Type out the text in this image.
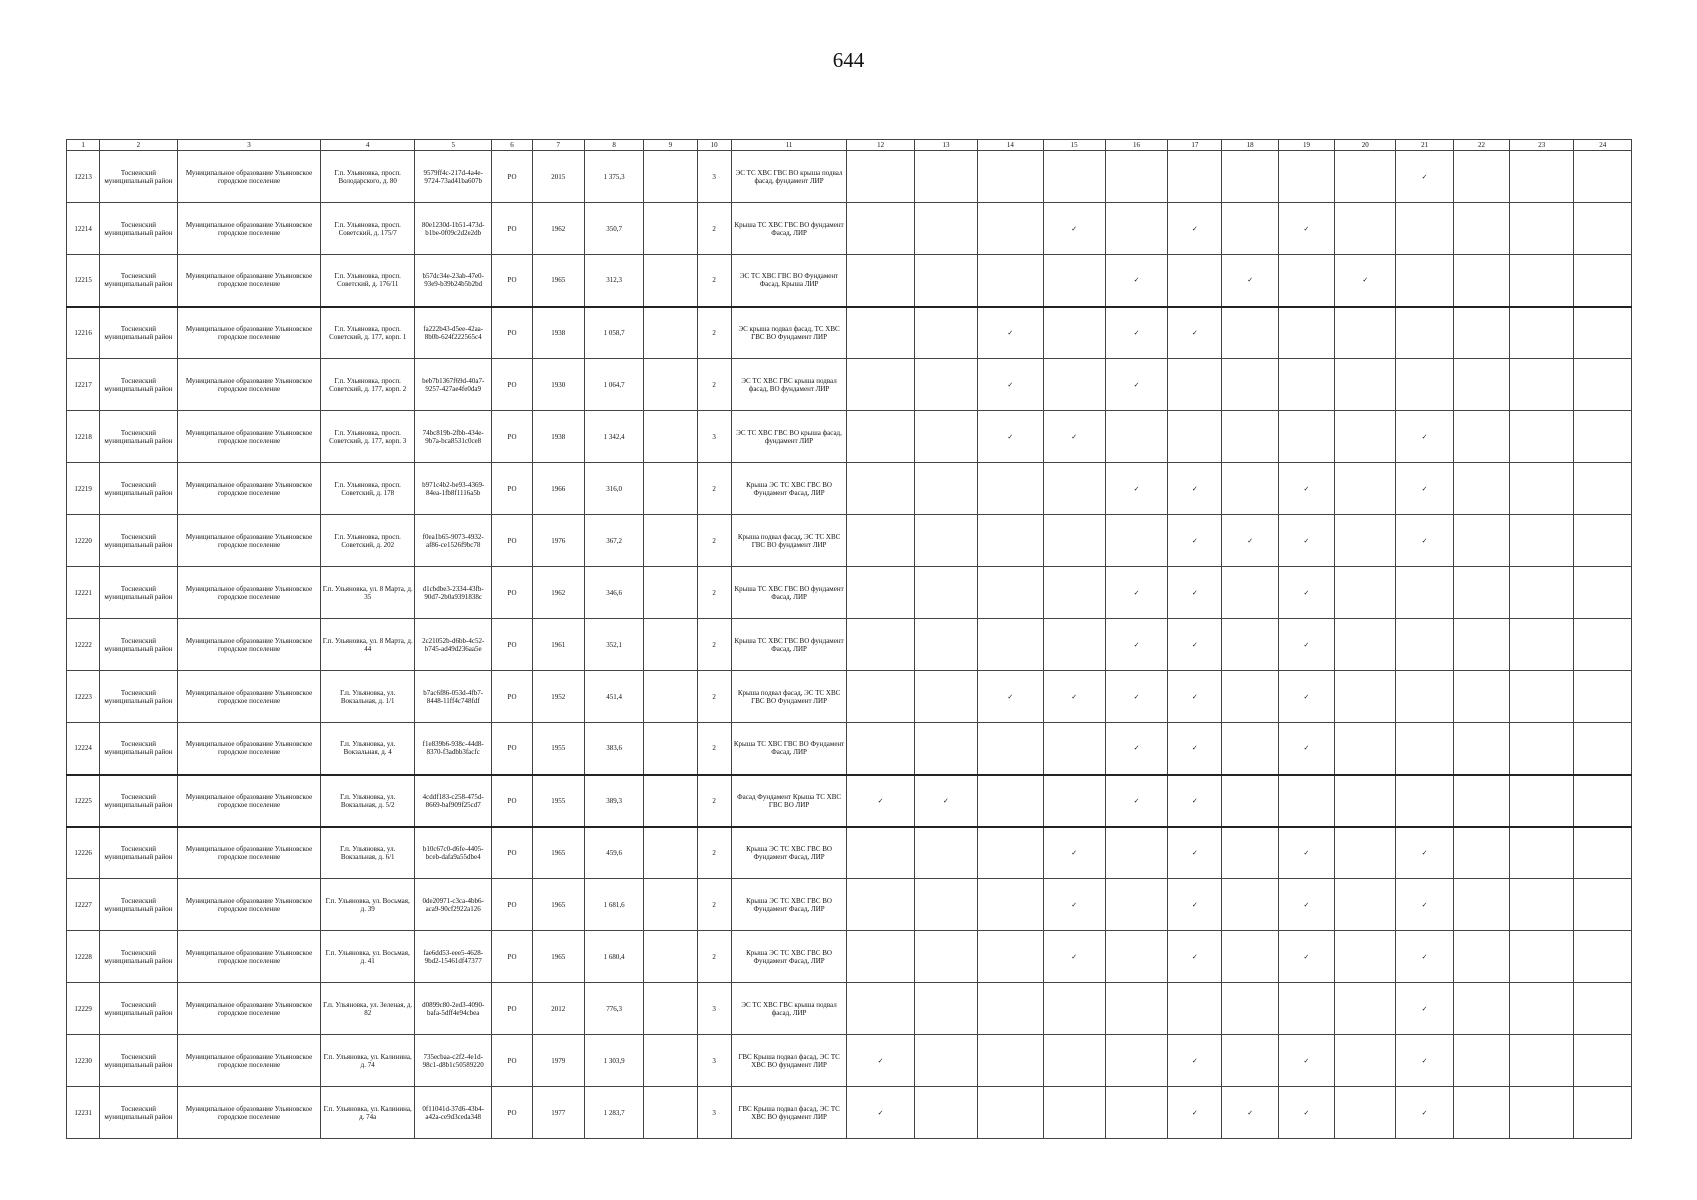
644
1	2	3	4	5	6	7	8	9	10	11	12	13	14	15	16	17	18	19	20	21	22	23	24
12213	Тосненский муниципальный район	Муниципальное образование Ульяновское городское поселение	Г.п. Ульяновка, просп. Володарского, д. 80	9579ff4c-217d-4a4e-9724-73ad41ba607b	РО	2015	1 375,3		3	ЭС ТС ХВС ГВС ВО крыша подвал фасад, фундамент ЛИР										✓			
12214	Тосненский муниципальный район	Муниципальное образование Ульяновское городское поселение	Г.п. Ульяновка, просп. Советский, д. 175/7	80e1230d-1b51-473d-b1be-0f09c2d2e2db	РО	1962	350,7		2	Крыша ТС ХВС ГВС ВО фундамент Фасад, ЛИР				✓		✓		✓					
12215	Тосненский муниципальный район	Муниципальное образование Ульяновское городское поселение	Г.п. Ульяновка, просп. Советский, д. 176/11	b57dc34e-23ab-47e0-93e9-b39b24b5b2bd	РО	1965	312,3		2	ЭС ТС ХВС ГВС ВО Фундамент Фасад, Крыша ЛИР					✓		✓		✓				
12216	Тосненский муниципальный район	Муниципальное образование Ульяновское городское поселение	Г.п. Ульяновка, просп. Советский, д. 177, корп. 1	fa222b43-d5ee-42aa-8b0b-624f222565c4	РО	1938	1 058,7		2	ЭС крыша подвал фасад, ТС ХВС ГВС ВО Фундамент ЛИР			✓		✓	✓							
12217	Тосненский муниципальный район	Муниципальное образование Ульяновское городское поселение	Г.п. Ульяновка, просп. Советский, д. 177, корп. 2	beb7b1367f69d-40a7-9257-427ae4fe0da9	РО	1930	1 064,7		2	ЭС ТС ХВС ГВС крыша подвал фасад, ВО фундамент ЛИР			✓		✓								
12218	Тосненский муниципальный район	Муниципальное образование Ульяновское городское поселение	Г.п. Ульяновка, просп. Советский, д. 177, корп. 3	74bc819b-2fbb-434e-9b7a-bca8531c0ce8	РО	1938	1 342,4		3	ЭС ТС ХВС ГВС ВО крыша фасад, фундамент ЛИР			✓	✓						✓			
12219	Тосненский муниципальный район	Муниципальное образование Ульяновское городское поселение	Г.п. Ульяновка, просп. Советский, д. 178	b971c4b2-be93-4369-84ea-1fb8f1116a5b	РО	1966	316,0		2	Крыша ЭС ТС ХВС ГВС ВО Фундамент Фасад, ЛИР					✓	✓		✓		✓			
12220	Тосненский муниципальный район	Муниципальное образование Ульяновское городское поселение	Г.п. Ульяновка, просп. Советский, д. 202	f0ea1b65-9073-4932-af86-ce1526f9bc78	РО	1976	367,2		2	Крыша подвал фасад, ЭС ТС ХВС ГВС ВО фундамент ЛИР						✓	✓	✓		✓			
12221	Тосненский муниципальный район	Муниципальное образование Ульяновское городское поселение	Г.п. Ульяновка, ул. 8 Марта, д. 35	d1cbdbe3-2334-43fb-90d7-2b0a9391838c	РО	1962	346,6		2	Крыша ТС ХВС ГВС ВО фундамент Фасад, ЛИР					✓	✓		✓					
12222	Тосненский муниципальный район	Муниципальное образование Ульяновское городское поселение	Г.п. Ульяновка, ул. 8 Марта, д. 44	2c21052b-d6bb-4c52-b745-ad49d236aa5e	РО	1961	352,1		2	Крыша ТС ХВС ГВС ВО фундамент Фасад, ЛИР					✓	✓		✓					
12223	Тосненский муниципальный район	Муниципальное образование Ульяновское городское поселение	Г.п. Ульяновка, ул. Вокзальная, д. 1/1	b7ac6f86-053d-4fb7-8448-11ff4c748fdf	РО	1952	451,4		2	Крыша подвал фасад, ЭС ТС ХВС ГВС ВО Фундамент ЛИР			✓	✓	✓	✓		✓					
12224	Тосненский муниципальный район	Муниципальное образование Ульяновское городское поселение	Г.п. Ульяновка, ул. Вокзальная, д. 4	f1e839b6-938c-44d8-8370-f3adbb3facfc	РО	1955	383,6		2	Крыша ТС ХВС ГВС ВО Фундамент Фасад, ЛИР					✓	✓		✓					
12225	Тосненский муниципальный район	Муниципальное образование Ульяновское городское поселение	Г.п. Ульяновка, ул. Вокзальная, д. 5/2	4cddf183-c258-475d-8669-baf909f25cd7	РО	1955	389,3		2	Фасад Фундамент Крыша ТС ХВС ГВС ВО ЛИР	✓	✓			✓	✓							
12226	Тосненский муниципальный район	Муниципальное образование Ульяновское городское поселение	Г.п. Ульяновка, ул. Вокзальная, д. 6/1	b10c67c0-d6fe-4405-bceb-dafa9a55dbe4	РО	1965	459,6		2	Крыша ЭС ТС ХВС ГВС ВО Фундамент Фасад, ЛИР				✓		✓		✓		✓			
12227	Тосненский муниципальный район	Муниципальное образование Ульяновское городское поселение	Г.п. Ульяновка, ул. Восьмая, д. 39	0de20971-c3ca-4bb6-aca9-90cf2922a126	РО	1965	1 681,6		2	Крыша ЭС ТС ХВС ГВС ВО Фундамент Фасад, ЛИР				✓		✓		✓		✓			
12228	Тосненский муниципальный район	Муниципальное образование Ульяновское городское поселение	Г.п. Ульяновка, ул. Восьмая, д. 41	fae6dd53-eee5-4628-9bd2-15461df47377	РО	1965	1 680,4		2	Крыша ЭС ТС ХВС ГВС ВО Фундамент Фасад, ЛИР				✓		✓		✓		✓			
12229	Тосненский муниципальный район	Муниципальное образование Ульяновское городское поселение	Г.п. Ульяновка, ул. Зеленая, д. 82	d0899c80-2ed3-4090-bafa-5dff4e94cbea	РО	2012	776,3		3	ЭС ТС ХВС ГВС крыша подвал фасад, ЛИР										✓			
12230	Тосненский муниципальный район	Муниципальное образование Ульяновское городское поселение	Г.п. Ульяновка, ул. Калинина, д. 74	735ecbaa-c2f2-4e1d-98c1-d8b1c50589220	РО	1979	1 303,9		3	ГВС Крыша подвал фасад, ЭС ТС ХВС ВО фундамент ЛИР	✓					✓		✓		✓			
12231	Тосненский муниципальный район	Муниципальное образование Ульяновское городское поселение	Г.п. Ульяновка, ул. Калинина, д. 74а	0f11041d-37d6-43b4-a42a-ce9d3ceda348	РО	1977	1 283,7		3	ГВС Крыша подвал фасад, ЭС ТС ХВС ВО фундамент ЛИР	✓					✓	✓	✓		✓			
